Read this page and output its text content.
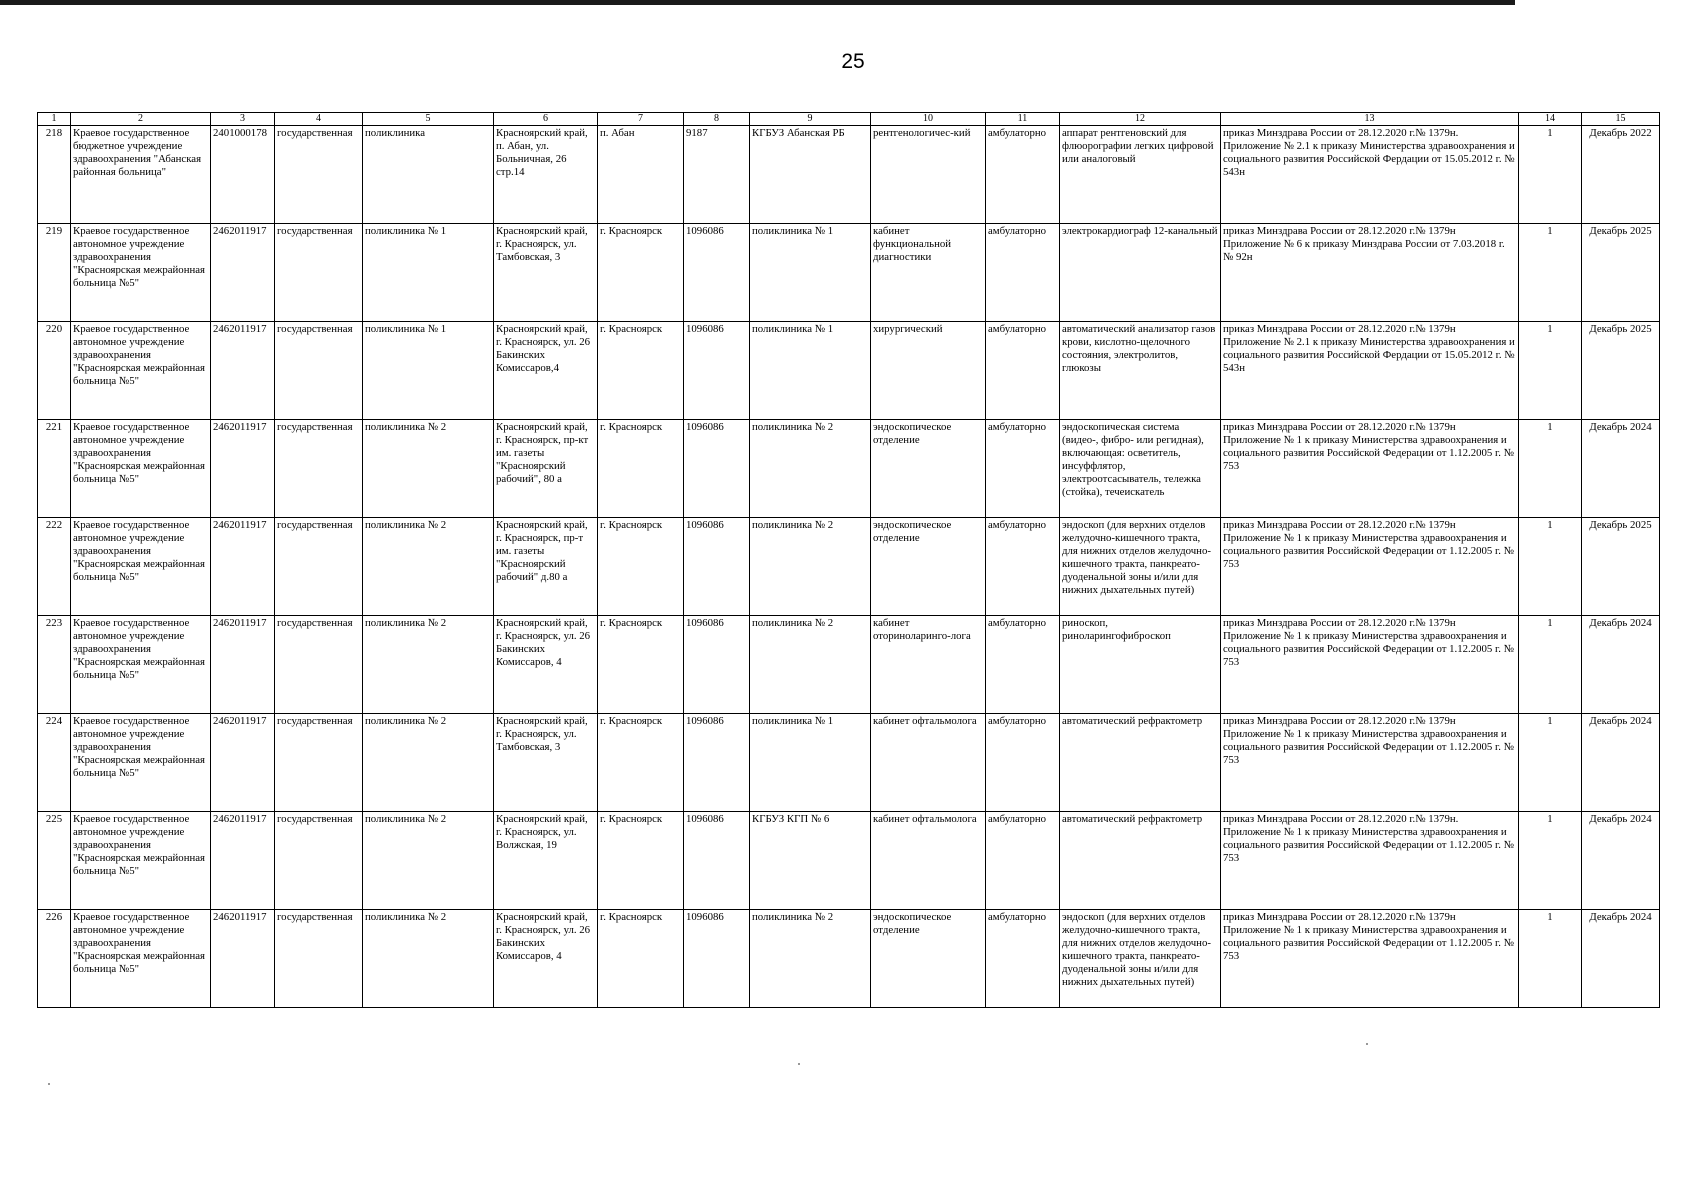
25
1	2	3	4	5	6	7	8	9	10	11	12	13	14	15
218	Краевое государственное бюджетное учреждение здравоохранения "Абанская районная больница"	2401000178	государственная	поликлиника	Красноярский край, п. Абан, ул. Больничная, 26 стр.14	п. Абан	9187	КГБУЗ Абанская РБ	рентгенологичес-кий	амбулаторно	аппарат рентгеновский для флюорографии легких цифровой или аналоговый	приказ Минздрава России от 28.12.2020 г.№ 1379н. Приложение № 2.1 к приказу Министерства здравоохранения и социального развития Российской Фердации от 15.05.2012 г. № 543н	1	Декабрь 2022
219	Краевое государственное автономное учреждение здравоохранения "Красноярская межрайонная больница №5"	2462011917	государственная	поликлиника № 1	Красноярский край, г. Красноярск, ул. Тамбовская, 3	г. Красноярск	1096086	поликлиника № 1	кабинет функциональной диагностики	амбулаторно	электрокардиограф 12-канальный	приказ Минздрава России от 28.12.2020 г.№ 1379н Приложение № 6 к приказу Минздрава России от 7.03.2018 г. № 92н	1	Декабрь 2025
220	Краевое государственное автономное учреждение здравоохранения "Красноярская межрайонная больница №5"	2462011917	государственная	поликлиника № 1	Красноярский край, г. Красноярск, ул. 26 Бакинских Комиссаров,4	г. Красноярск	1096086	поликлиника № 1	хирургический	амбулаторно	автоматический анализатор газов крови, кислотно-щелочного состояния, электролитов, глюкозы	приказ Минздрава России от 28.12.2020 г.№ 1379н Приложение № 2.1 к приказу Министерства здравоохранения и социального развития Российской Фердации от 15.05.2012 г. № 543н	1	Декабрь 2025
221	Краевое государственное автономное учреждение здравоохранения "Красноярская межрайонная больница №5"	2462011917	государственная	поликлиника № 2	Красноярский край, г. Красноярск, пр-кт им. газеты "Красноярский рабочий", 80 а	г. Красноярск	1096086	поликлиника № 2	эндоскопическое отделение	амбулаторно	эндоскопическая система (видео-, фибро- или регидная), включающая: осветитель, инсуффлятор, электроотсасыватель, тележка (стойка), течеискатель	приказ Минздрава России от 28.12.2020 г.№ 1379н Приложение № 1 к приказу Министерства здравоохранения и социального развития Российской Федерации от 1.12.2005 г. № 753	1	Декабрь 2024
222	Краевое государственное автономное учреждение здравоохранения "Красноярская межрайонная больница №5"	2462011917	государственная	поликлиника № 2	Красноярский край, г. Красноярск, пр-т им. газеты "Красноярский рабочий" д.80 а	г. Красноярск	1096086	поликлиника № 2	эндоскопическое отделение	амбулаторно	эндоскоп (для верхних отделов желудочно-кишечного тракта, для нижних отделов желудочно-кишечного тракта, панкреато-дуоденальной зоны и/или для нижних дыхательных путей)	приказ Минздрава России от 28.12.2020 г.№ 1379н Приложение № 1 к приказу Министерства здравоохранения и социального развития Российской Федерации от 1.12.2005 г. № 753	1	Декабрь 2025
223	Краевое государственное автономное учреждение здравоохранения "Красноярская межрайонная больница №5"	2462011917	государственная	поликлиника № 2	Красноярский край, г. Красноярск, ул. 26 Бакинских Комиссаров, 4	г. Красноярск	1096086	поликлиника № 2	кабинет оториноларинго-лога	амбулаторно	риноскоп, риноларингофиброскоп	приказ Минздрава России от 28.12.2020 г.№ 1379н Приложение № 1 к приказу Министерства здравоохранения и социального развития Российской Федерации от 1.12.2005 г. № 753	1	Декабрь 2024
224	Краевое государственное автономное учреждение здравоохранения "Красноярская межрайонная больница №5"	2462011917	государственная	поликлиника № 2	Красноярский край, г. Красноярск, ул. Тамбовская, 3	г. Красноярск	1096086	поликлиника № 1	кабинет офтальмолога	амбулаторно	автоматический рефрактометр	приказ Минздрава России от 28.12.2020 г.№ 1379н Приложение № 1 к приказу Министерства здравоохранения и социального развития Российской Федерации от 1.12.2005 г. № 753	1	Декабрь 2024
225	Краевое государственное автономное учреждение здравоохранения "Красноярская межрайонная больница №5"	2462011917	государственная	поликлиника № 2	Красноярский край, г. Красноярск, ул. Волжская, 19	г. Красноярск	1096086	КГБУЗ КГП № 6	кабинет офтальмолога	амбулаторно	автоматический рефрактометр	приказ Минздрава России от 28.12.2020 г.№ 1379н. Приложение № 1 к приказу Министерства здравоохранения и социального развития Российской Федерации от 1.12.2005 г. № 753	1	Декабрь 2024
226	Краевое государственное автономное учреждение здравоохранения "Красноярская межрайонная больница №5"	2462011917	государственная	поликлиника № 2	Красноярский край, г. Красноярск, ул. 26 Бакинских Комиссаров, 4	г. Красноярск	1096086	поликлиника № 2	эндоскопическое отделение	амбулаторно	эндоскоп (для верхних отделов желудочно-кишечного тракта, для нижних отделов желудочно-кишечного тракта, панкреато-дуоденальной зоны и/или для нижних дыхательных путей)	приказ Минздрава России от 28.12.2020 г.№ 1379н Приложение № 1 к приказу Министерства здравоохранения и социального развития Российской Федерации от 1.12.2005 г. № 753	1	Декабрь 2024
